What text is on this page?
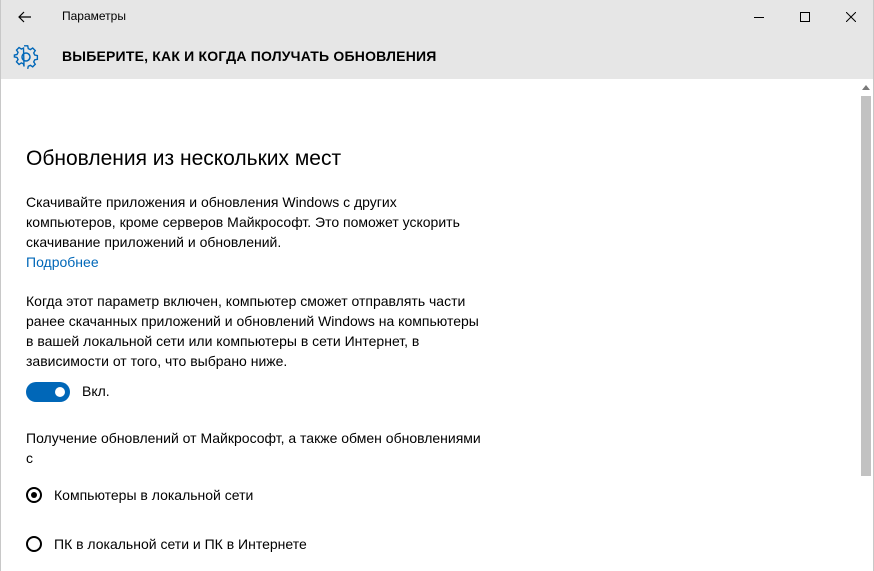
Параметры
ВЫБЕРИТЕ, КАК И КОГДА ПОЛУЧАТЬ ОБНОВЛЕНИЯ
Обновления из нескольких мест
Скачивайте приложения и обновления Windows с других компьютеров, кроме серверов Майкрософт. Это поможет ускорить скачивание приложений и обновлений.
Подробнее
Когда этот параметр включен, компьютер сможет отправлять части ранее скачанных приложений и обновлений Windows на компьютеры в вашей локальной сети или компьютеры в сети Интернет, в зависимости от того, что выбрано ниже.
Вкл.
Получение обновлений от Майкрософт, а также обмен обновлениями с
Компьютеры в локальной сети
ПК в локальной сети и ПК в Интернете
